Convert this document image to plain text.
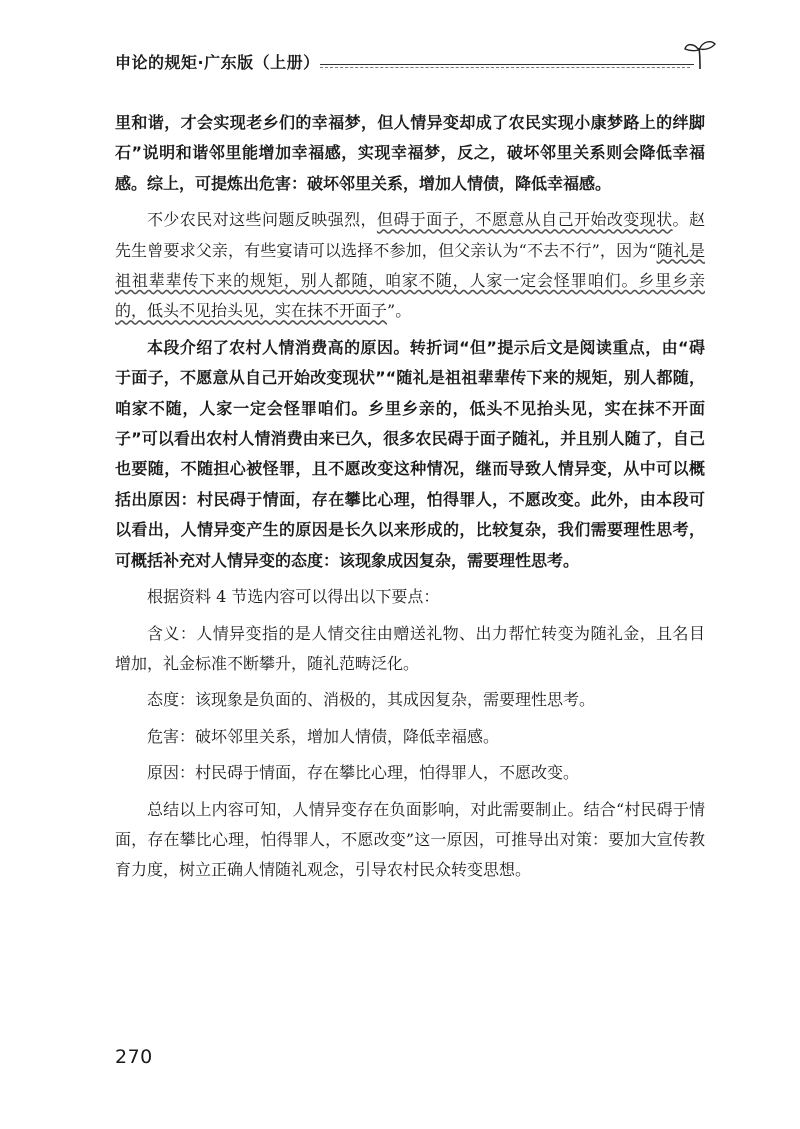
申论的规矩·广东版（上册）

里和谐，才会实现老乡们的幸福梦，但人情异变却成了农民实现小康梦路上的绊脚石”说明和谐邻里能增加幸福感，实现幸福梦，反之，破坏邻里关系则会降低幸福感。综上，可提炼出危害：破坏邻里关系，增加人情债，降低幸福感。

不少农民对这些问题反映强烈，但碍于面子，不愿意从自己开始改变现状。赵先生曾要求父亲，有些宴请可以选择不参加，但父亲认为“不去不行”，因为“随礼是祖祖辈辈传下来的规矩，别人都随，咱家不随，人家一定会怪罪咱们。乡里乡亲的，低头不见抬头见，实在抹不开面子”。

本段介绍了农村人情消费高的原因。转折词“但”提示后文是阅读重点，由“碍于面子，不愿意从自己开始改变现状”“随礼是祖祖辈辈传下来的规矩，别人都随，咱家不随，人家一定会怪罪咱们。乡里乡亲的，低头不见抬头见，实在抹不开面子”可以看出农村人情消费由来已久，很多农民碍于面子随礼，并且别人随了，自己也要随，不随担心被怪罪，且不愿改变这种情况，继而导致人情异变，从中可以概括出原因：村民碍于情面，存在攀比心理，怕得罪人，不愿改变。此外，由本段可以看出，人情异变产生的原因是长久以来形成的，比较复杂，我们需要理性思考，可概括补充对人情异变的态度：该现象成因复杂，需要理性思考。

根据资料 4 节选内容可以得出以下要点：

含义：人情异变指的是人情交往由赠送礼物、出力帮忙转变为随礼金，且名目增加，礼金标准不断攀升，随礼范畴泛化。

态度：该现象是负面的、消极的，其成因复杂，需要理性思考。

危害：破坏邻里关系，增加人情债，降低幸福感。

原因：村民碍于情面，存在攀比心理，怕得罪人，不愿改变。

总结以上内容可知，人情异变存在负面影响，对此需要制止。结合“村民碍于情面，存在攀比心理，怕得罪人，不愿改变”这一原因，可推导出对策：要加大宣传教育力度，树立正确人情随礼观念，引导农村民众转变思想。

270
